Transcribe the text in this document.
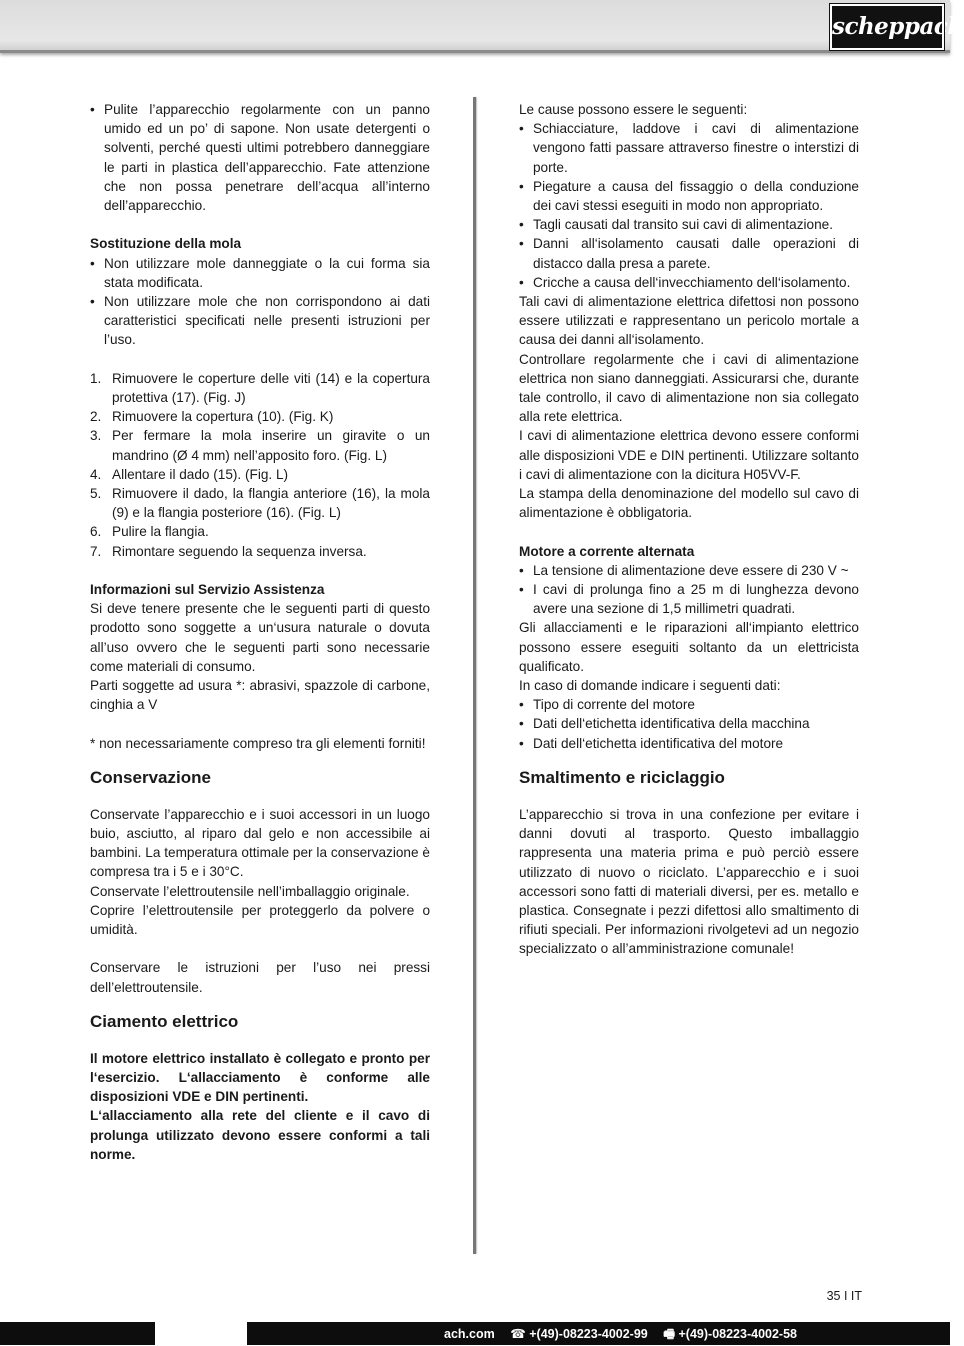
scheppach
• Pulite l’apparecchio regolarmente con un panno umido ed un po’ di sapone. Non usate detergenti o solventi, perché questi ultimi potrebbero danneggiare le parti in plastica dell’apparecchio. Fate attenzione che non possa penetrare dell’acqua all’interno dell’apparecchio.

Sostituzione della mola

• Non utilizzare mole danneggiate o la cui forma sia stata modificata.
• Non utilizzare mole che non corrispondono ai dati caratteristici specificati nelle presenti istruzioni per l’uso.
1. Rimuovere le coperture delle viti (14) e la copertura protettiva (17). (Fig. J)
2. Rimuovere la copertura (10). (Fig. K)
3. Per fermare la mola inserire un giravite o un mandrino (Ø 4 mm) nell’apposito foro. (Fig. L)
4. Allentare il dado (15). (Fig. L)
5. Rimuovere il dado, la flangia anteriore (16), la mola (9) e la flangia posteriore (16). (Fig. L)
6. Pulire la flangia.
7. Rimontare seguendo la sequenza inversa.

Informazioni sul Servizio Assistenza

Si deve tenere presente che le seguenti parti di questo prodotto sono soggette a un‘usura naturale o dovuta all’uso ovvero che le seguenti parti sono necessarie come materiali di consumo.

Parti soggette ad usura *: abrasivi, spazzole di carbone, cinghia a V

* non necessariamente compreso tra gli elementi forniti!

Conservazione

Conservate l’apparecchio e i suoi accessori in un luogo buio, asciutto, al riparo dal gelo e non accessibile ai bambini. La temperatura ottimale per la conservazione è compresa tra i 5 e i 30°C.

Conservate l’elettroutensile nell’imballaggio originale.

Coprire l’elettroutensile per proteggerlo da polvere o umidità.

Conservare le istruzioni per l’uso nei pressi dell’elettroutensile.

Ciamento elettrico

Il motore elettrico installato è collegato e pronto per l‘esercizio. L‘allacciamento è conforme alle disposizioni VDE e DIN pertinenti.

L‘allacciamento alla rete del cliente e il cavo di prolunga utilizzato devono essere conformi a tali norme.

Le cause possono essere le seguenti:

• Schiacciature, laddove i cavi di alimentazione vengono fatti passare attraverso finestre o interstizi di porte.
• Piegature a causa del fissaggio o della conduzione dei cavi stessi eseguiti in modo non appropriato.
• Tagli causati dal transito sui cavi di alimentazione.
• Danni all‘isolamento causati dalle operazioni di distacco dalla presa a parete.
• Cricche a causa dell‘invecchiamento dell‘isolamento.

Tali cavi di alimentazione elettrica difettosi non possono essere utilizzati e rappresentano un pericolo mortale a causa dei danni all‘isolamento.

Controllare regolarmente che i cavi di alimentazione elettrica non siano danneggiati. Assicurarsi che, durante tale controllo, il cavo di alimentazione non sia collegato alla rete elettrica.

I cavi di alimentazione elettrica devono essere conformi alle disposizioni VDE e DIN pertinenti. Utilizzare soltanto i cavi di alimentazione con la dicitura H05VV-F.

La stampa della denominazione del modello sul cavo di alimentazione è obbligatoria.

Motore a corrente alternata

• La tensione di alimentazione deve essere di 230 V ~
• I cavi di prolunga fino a 25 m di lunghezza devono avere una sezione di 1,5 millimetri quadrati.

Gli allacciamenti e le riparazioni all‘impianto elettrico possono essere eseguiti soltanto da un elettricista qualificato.

In caso di domande indicare i seguenti dati:

• Tipo di corrente del motore
• Dati dell‘etichetta identificativa della macchina
• Dati dell‘etichetta identificativa del motore

Smaltimento e riciclaggio

L’apparecchio si trova in una confezione per evitare i danni dovuti al trasporto. Questo imballaggio rappresenta una materia prima e può perciò essere utilizzato di nuovo o riciclato. L’apparecchio e i suoi accessori sono fatti di materiali diversi, per es. metallo e plastica. Consegnate i pezzi difettosi allo smaltimento di rifiuti speciali. Per informazioni rivolgetevi ad un negozio specializzato o all’amministrazione comunale!

35 I IT
ach.com ☎ +(49)-08223-4002-99 🖷 +(49)-08223-4002-58
